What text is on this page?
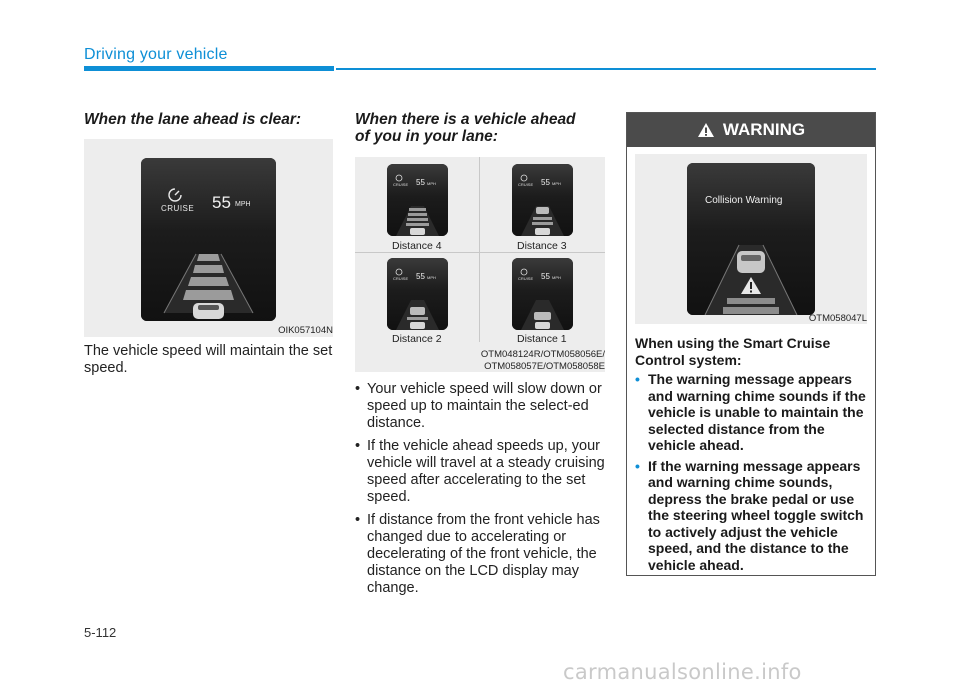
Driving your vehicle
When the lane ahead is clear:
CRUISE 55 MPH
OIK057104N
The vehicle speed will maintain the set speed.
When there is a vehicle ahead
of you in your lane:
CRUISE 55 MPH	CRUISE 55 MPH
Distance 4	Distance 3
CRUISE 55 MPH	CRUISE 55 MPH
Distance 2	Distance 1
OTM048124R/OTM058056E/
OTM058057E/OTM058058E
• Your vehicle speed will slow down or speed up to maintain the select-ed distance.
• If the vehicle ahead speeds up, your vehicle will travel at a steady cruising speed after accelerating to the set speed.
• If distance from the front vehicle has changed due to accelerating or decelerating of the front vehicle, the distance on the LCD display may change.
WARNING
Collision Warning
OTM058047L
When using the Smart Cruise Control system:
• The warning message appears and warning chime sounds if the vehicle is unable to maintain the selected distance from the vehicle ahead.
• If the warning message appears and warning chime sounds, depress the brake pedal or use the steering wheel toggle switch to actively adjust the vehicle speed, and the distance to the vehicle ahead.
5-112
carmanualsonline.info
